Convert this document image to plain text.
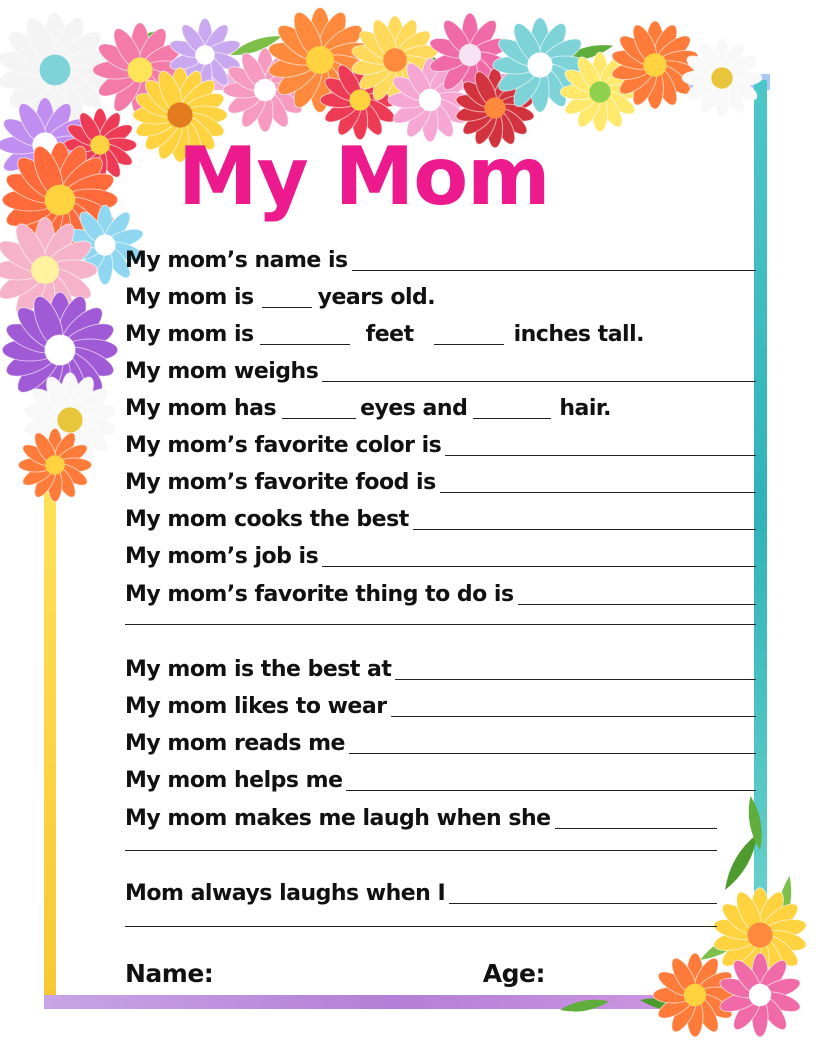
My Mom
My mom’s name is
My mom is	years old.
My mom is	feet	inches tall.
My mom weighs
My mom has	eyes and	hair.
My mom’s favorite color is
My mom’s favorite food is
My mom cooks the best
My mom’s job is
My mom’s favorite thing to do is
My mom is the best at
My mom likes to wear
My mom reads me
My mom helps me
My mom makes me laugh when she
Mom always laughs when I
Name:	Age:
